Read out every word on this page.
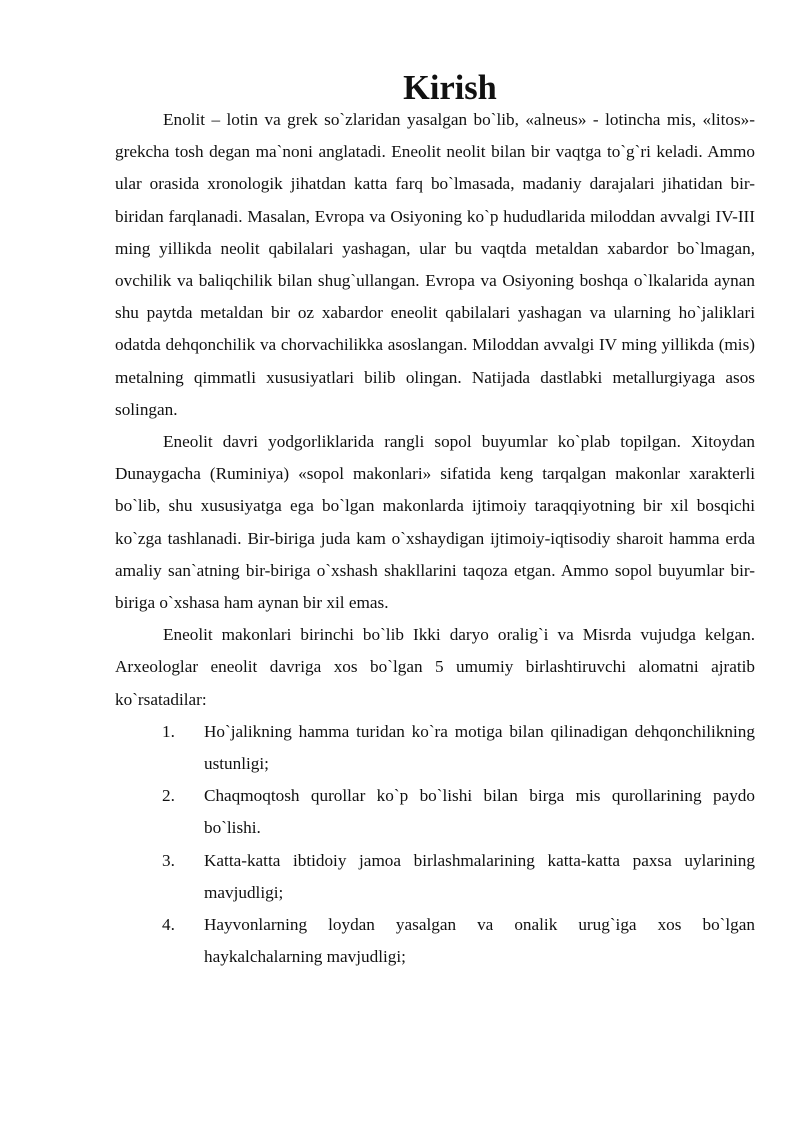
Kirish

Enolit – lotin va grek so`zlaridan yasalgan bo`lib, «alneus» - lotincha mis, «litos»-grekcha tosh degan ma`noni anglatadi. Eneolit neolit bilan bir vaqtga to`g`ri keladi. Ammo ular orasida xronologik jihatdan katta farq bo`lmasada, madaniy darajalari jihatidan bir-biridan farqlanadi. Masalan, Evropa va Osiyoning ko`p hududlarida miloddan avvalgi IV-III ming yillikda neolit qabilalari yashagan, ular bu vaqtda metaldan xabardor bo`lmagan, ovchilik va baliqchilik bilan shug`ullangan. Evropa va Osiyoning boshqa o`lkalarida aynan shu paytda metaldan bir oz xabardor eneolit qabilalari yashagan va ularning ho`jaliklari odatda dehqonchilik va chorvachilikka asoslangan. Miloddan avvalgi IV ming yillikda (mis) metalning qimmatli xususiyatlari bilib olingan. Natijada dastlabki metallurgiyaga asos solingan.

Eneolit davri yodgorliklarida rangli sopol buyumlar ko`plab topilgan. Xitoydan Dunaygacha (Ruminiya) «sopol makonlari» sifatida keng tarqalgan makonlar xarakterli bo`lib, shu xususiyatga ega bo`lgan makonlarda ijtimoiy taraqqiyotning bir xil bosqichi ko`zga tashlanadi. Bir-biriga juda kam o`xshaydigan ijtimoiy-iqtisodiy sharoit hamma erda amaliy san`atning bir-biriga o`xshash shakllarini taqoza etgan. Ammo sopol buyumlar bir-biriga o`xshasa ham aynan bir xil emas.

Eneolit makonlari birinchi bo`lib Ikki daryo oralig`i va Misrda vujudga kelgan. Arxeologlar eneolit davriga xos bo`lgan 5 umumiy birlashtiruvchi alomatni ajratib ko`rsatadilar:

1. Ho`jalikning hamma turidan ko`ra motiga bilan qilinadigan dehqonchilikning ustunligi;
2. Chaqmoqtosh qurollar ko`p bo`lishi bilan birga mis qurollarining paydo bo`lishi.
3. Katta-katta ibtidoiy jamoa birlashmalarining katta-katta paxsa uylarining mavjudligi;
4. Hayvonlarning loydan yasalgan va onalik urug`iga xos bo`lgan haykalchalarning mavjudligi;
